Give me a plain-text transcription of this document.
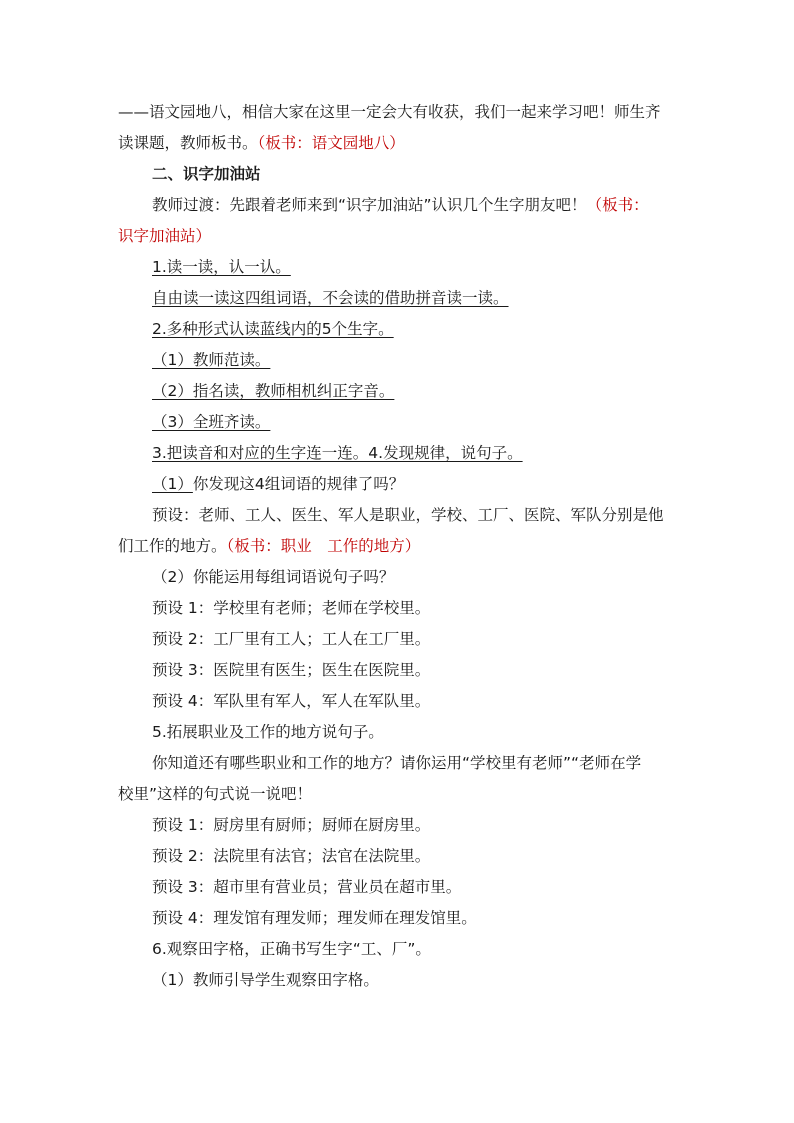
——语文园地八，相信大家在这里一定会大有收获，我们一起来学习吧！师生齐
读课题，教师板书。（板书：语文园地八）
二、识字加油站
教师过渡：先跟着老师来到“识字加油站”认识几个生字朋友吧！（板书：
识字加油站）
1.读一读，认一认。
自由读一读这四组词语，不会读的借助拼音读一读。
2.多种形式认读蓝线内的5个生字。
（1）教师范读。
（2）指名读，教师相机纠正字音。
（3）全班齐读。
3.把读音和对应的生字连一连。4.发现规律，说句子。
（1）你发现这4组词语的规律了吗？
预设：老师、工人、医生、军人是职业，学校、工厂、医院、军队分别是他
们工作的地方。（板书：职业　工作的地方）
（2）你能运用每组词语说句子吗？
预设 1：学校里有老师；老师在学校里。
预设 2：工厂里有工人；工人在工厂里。
预设 3：医院里有医生；医生在医院里。
预设 4：军队里有军人，军人在军队里。
5.拓展职业及工作的地方说句子。
你知道还有哪些职业和工作的地方？请你运用“学校里有老师”“老师在学
校里”这样的句式说一说吧！
预设 1：厨房里有厨师；厨师在厨房里。
预设 2：法院里有法官；法官在法院里。
预设 3：超市里有营业员；营业员在超市里。
预设 4：理发馆有理发师；理发师在理发馆里。
6.观察田字格，正确书写生字“工、厂”。
（1）教师引导学生观察田字格。
